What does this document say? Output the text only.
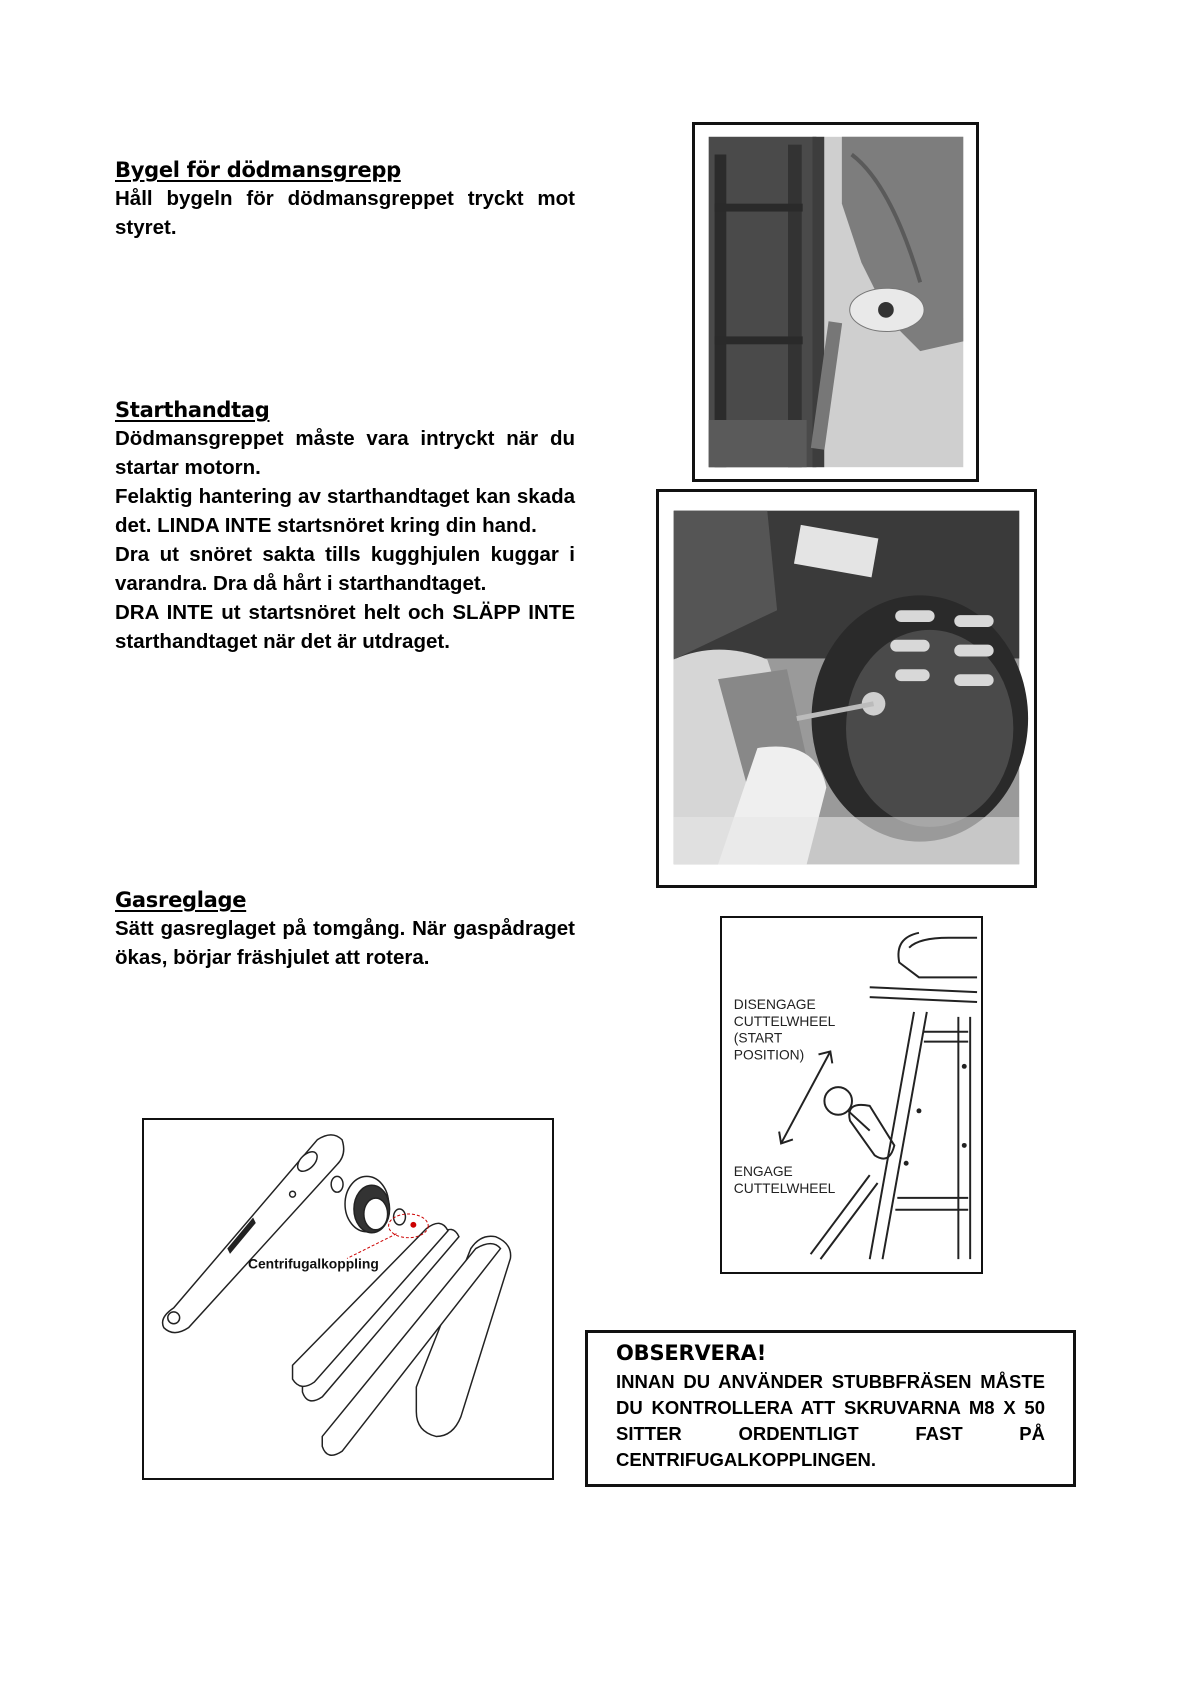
Bygel för dödmansgrepp

Håll bygeln för dödmansgreppet tryckt mot styret.

Starthandtag

Dödmansgreppet måste vara intryckt när du startar motorn.

Felaktig hantering av starthandtaget kan skada det. LINDA INTE startsnöret kring din hand.

Dra ut snöret sakta tills kugghjulen kuggar i varandra. Dra då hårt i starthandtaget.

DRA INTE ut startsnöret helt och SLÄPP INTE starthandtaget när det är utdraget.

Gasreglage

Sätt gasreglaget på tomgång. När gaspådraget ökas, börjar fräshjulet att rotera.

DISENGAGE
CUTTELWHEEL
(START
POSITION)
ENGAGE
CUTTELWHEEL
Centrifugalkoppling
OBSERVERA!

INNAN DU ANVÄNDER STUBBFRÄSEN MÅSTE DU KONTROLLERA ATT SKRUVARNA M8 X 50 SITTER ORDENTLIGT FAST PÅ CENTRIFUGALKOPPLINGEN.
